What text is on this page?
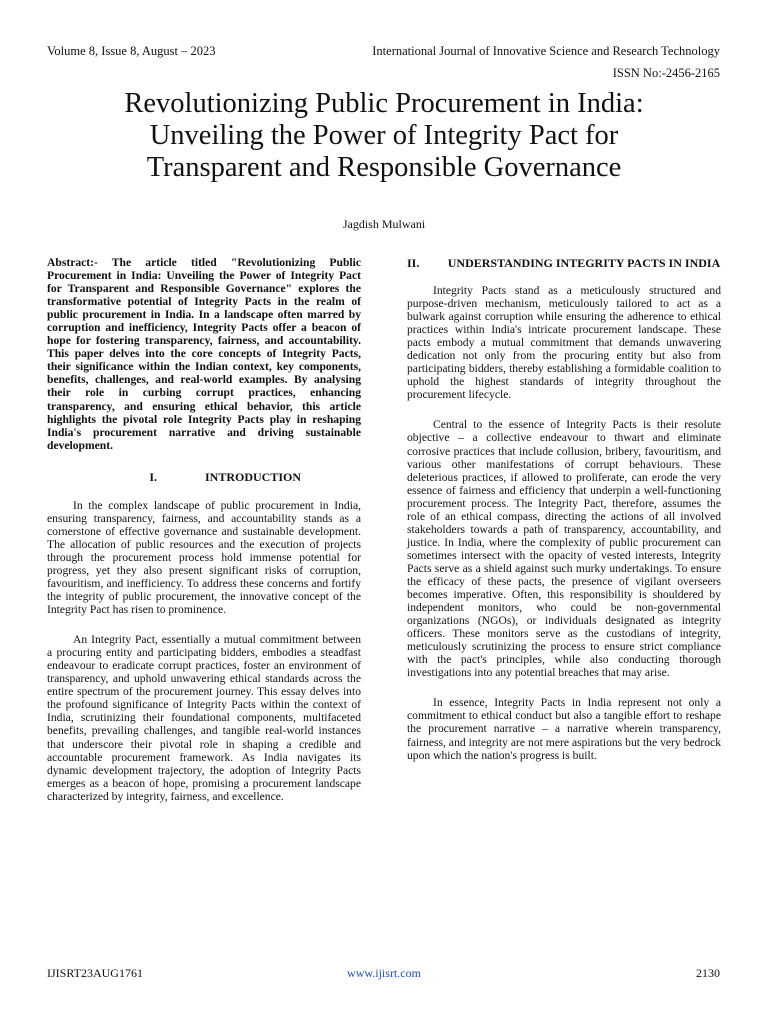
Volume 8, Issue 8, August – 2023	International Journal of Innovative Science and Research Technology
ISSN No:-2456-2165
Revolutionizing Public Procurement in India:
Unveiling the Power of Integrity Pact for
Transparent and Responsible Governance
Jagdish Mulwani

Abstract:- The article titled "Revolutionizing Public Procurement in India: Unveiling the Power of Integrity Pact for Transparent and Responsible Governance" explores the transformative potential of Integrity Pacts in the realm of public procurement in India. In a landscape often marred by corruption and inefficiency, Integrity Pacts offer a beacon of hope for fostering transparency, fairness, and accountability. This paper delves into the core concepts of Integrity Pacts, their significance within the Indian context, key components, benefits, challenges, and real-world examples. By analysing their role in curbing corrupt practices, enhancing transparency, and ensuring ethical behavior, this article highlights the pivotal role Integrity Pacts play in reshaping India's procurement narrative and driving sustainable development.

I.	INTRODUCTION

In the complex landscape of public procurement in India, ensuring transparency, fairness, and accountability stands as a cornerstone of effective governance and sustainable development. The allocation of public resources and the execution of projects through the procurement process hold immense potential for progress, yet they also present significant risks of corruption, favouritism, and inefficiency. To address these concerns and fortify the integrity of public procurement, the innovative concept of the Integrity Pact has risen to prominence.

An Integrity Pact, essentially a mutual commitment between a procuring entity and participating bidders, embodies a steadfast endeavour to eradicate corrupt practices, foster an environment of transparency, and uphold unwavering ethical standards across the entire spectrum of the procurement journey. This essay delves into the profound significance of Integrity Pacts within the context of India, scrutinizing their foundational components, multifaceted benefits, prevailing challenges, and tangible real-world instances that underscore their pivotal role in shaping a credible and accountable procurement framework. As India navigates its dynamic development trajectory, the adoption of Integrity Pacts emerges as a beacon of hope, promising a procurement landscape characterized by integrity, fairness, and excellence.

II.	UNDERSTANDING INTEGRITY PACTS IN INDIA

Integrity Pacts stand as a meticulously structured and purpose-driven mechanism, meticulously tailored to act as a bulwark against corruption while ensuring the adherence to ethical practices within India's intricate procurement landscape. These pacts embody a mutual commitment that demands unwavering dedication not only from the procuring entity but also from participating bidders, thereby establishing a formidable coalition to uphold the highest standards of integrity throughout the procurement lifecycle.

Central to the essence of Integrity Pacts is their resolute objective – a collective endeavour to thwart and eliminate corrosive practices that include collusion, bribery, favouritism, and various other manifestations of corrupt behaviours. These deleterious practices, if allowed to proliferate, can erode the very essence of fairness and efficiency that underpin a well-functioning procurement process. The Integrity Pact, therefore, assumes the role of an ethical compass, directing the actions of all involved stakeholders towards a path of transparency, accountability, and justice. In India, where the complexity of public procurement can sometimes intersect with the opacity of vested interests, Integrity Pacts serve as a shield against such murky undertakings. To ensure the efficacy of these pacts, the presence of vigilant overseers becomes imperative. Often, this responsibility is shouldered by independent monitors, who could be non-governmental organizations (NGOs), or individuals designated as integrity officers. These monitors serve as the custodians of integrity, meticulously scrutinizing the process to ensure strict compliance with the pact's principles, while also conducting thorough investigations into any potential breaches that may arise.

In essence, Integrity Pacts in India represent not only a commitment to ethical conduct but also a tangible effort to reshape the procurement narrative – a narrative wherein transparency, fairness, and integrity are not mere aspirations but the very bedrock upon which the nation's progress is built.

IJISRT23AUG1761	www.ijisrt.com	2130
